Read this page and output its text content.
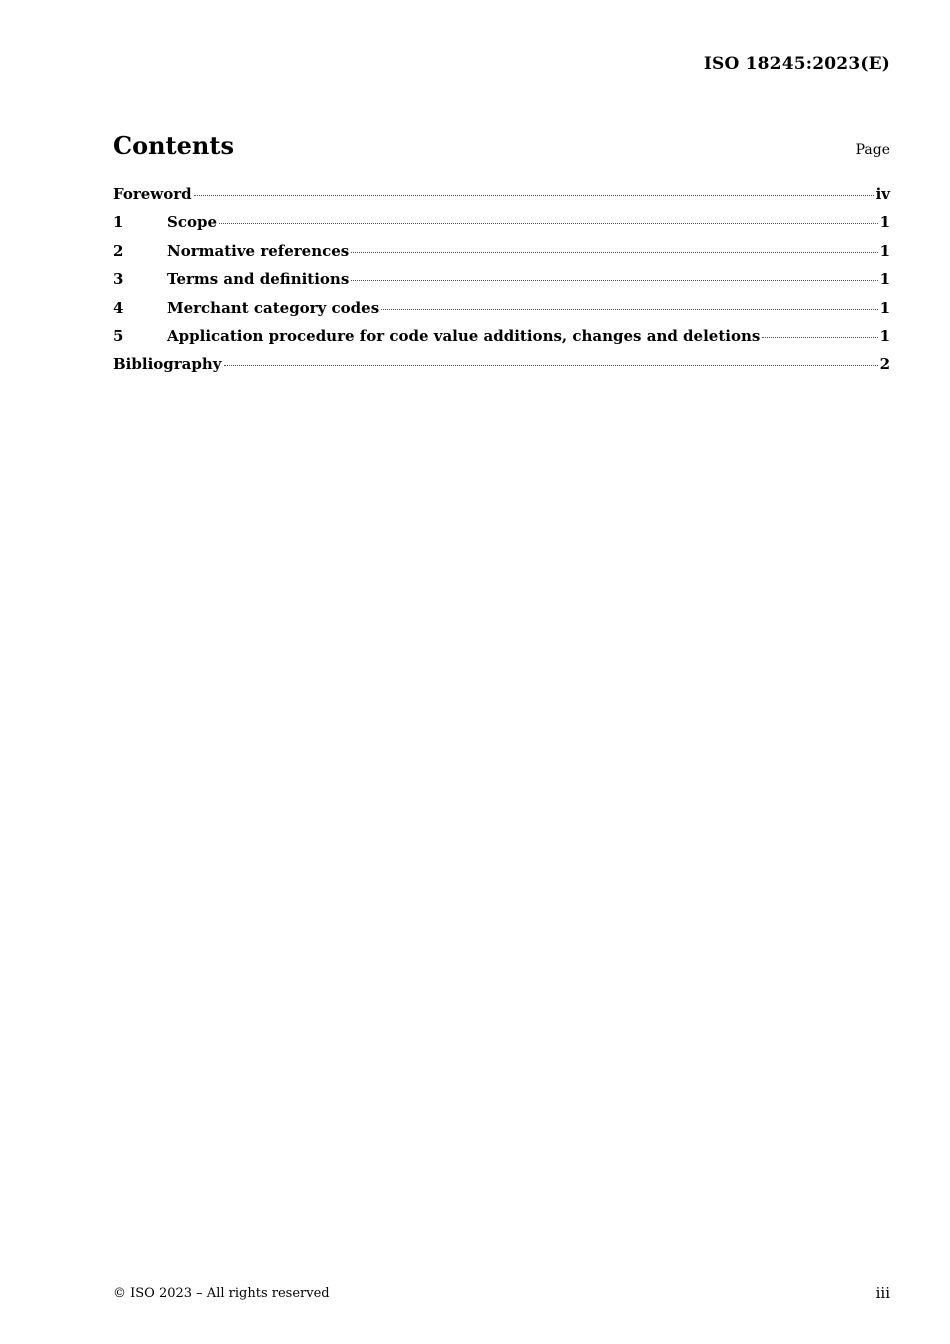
ISO 18245:2023(E)
Contents	Page
Foreword	iv
1	Scope	1
2	Normative references	1
3	Terms and definitions	1
4	Merchant category codes	1
5	Application procedure for code value additions, changes and deletions	1
Bibliography	2
© ISO 2023 – All rights reserved	iii
